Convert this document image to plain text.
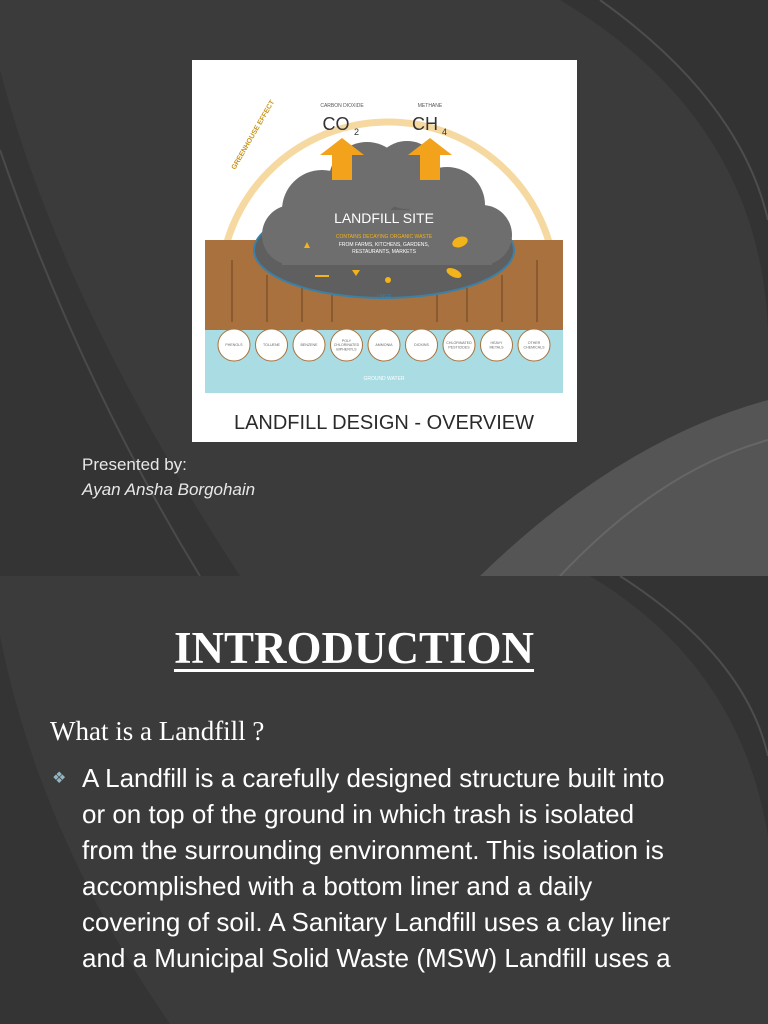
GREENHOUSE EFFECT
GROUND WATER
LANDFILL SITE
CONTAINS DECAYING ORGANIC WASTE
FROM FARMS, KITCHENS, GARDENS,
RESTAURANTS, MARKETS
LINER
CARBON DIOXIDE
CO 2
METHANE
CH 4
PHENOLS	TOLUENE	BENZENE
POLY CHLORINATED BIPHENYLS
AMMONIA	DIOXINS
CHLORINATED PESTICIDES
HEAVY METALS
OTHER CHEMICALS
LANDFILL DESIGN - OVERVIEW
Presented by:
Ayan Ansha Borgohain
INTRODUCTION
What is a Landfill ?
❖ A Landfill is a carefully designed structure built into or on top of the ground in which trash is isolated from the surrounding environment. This isolation is accomplished with a bottom liner and a daily covering of soil. A Sanitary Landfill uses a clay liner and a Municipal Solid Waste (MSW) Landfill uses a
